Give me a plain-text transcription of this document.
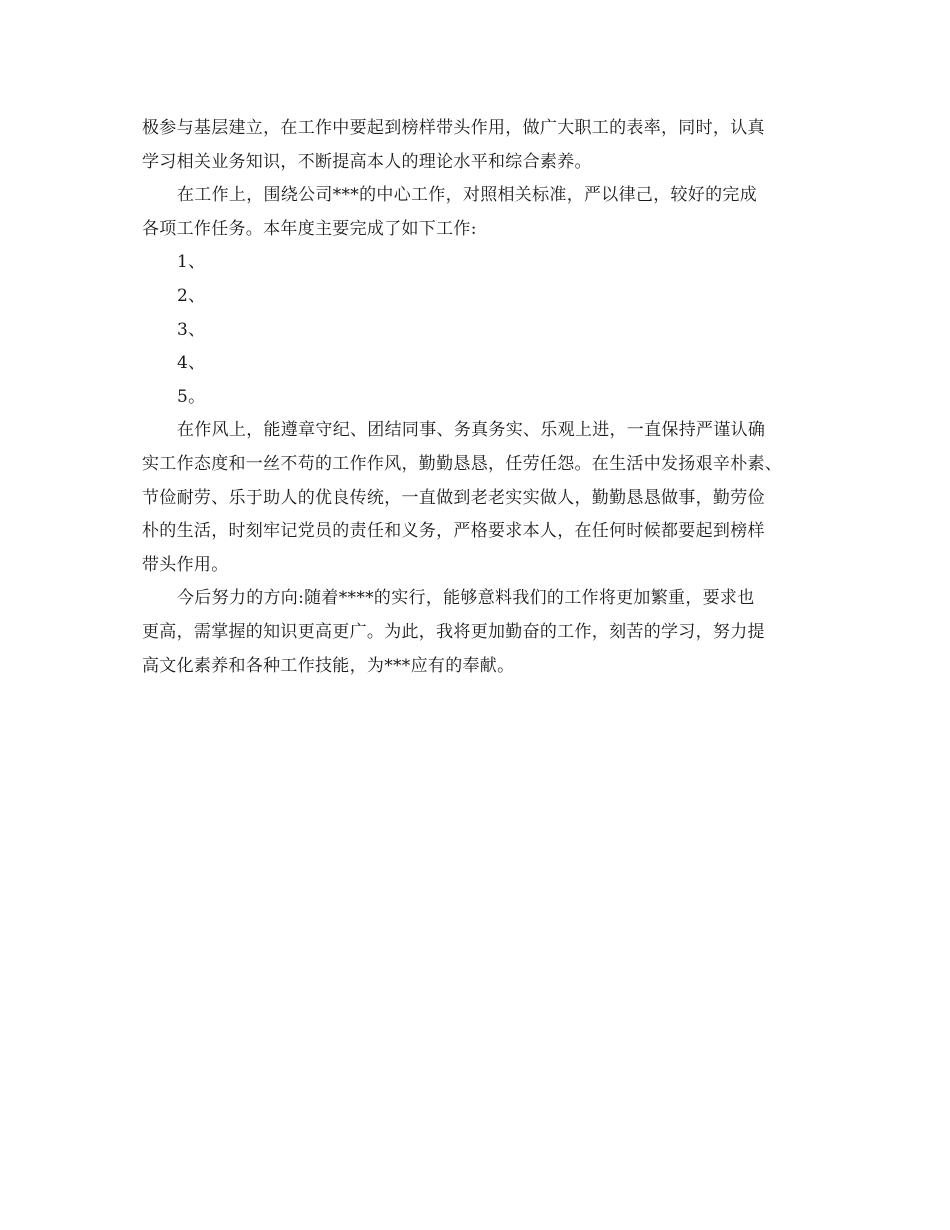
极参与基层建立，在工作中要起到榜样带头作用，做广大职工的表率，同时，认真
学习相关业务知识，不断提高本人的理论水平和综合素养。
在工作上，围绕公司***的中心工作，对照相关标准，严以律己，较好的完成
各项工作任务。本年度主要完成了如下工作:
1、
2、
3、
4、
5。
在作风上，能遵章守纪、团结同事、务真务实、乐观上进，一直保持严谨认确
实工作态度和一丝不苟的工作作风，勤勤恳恳，任劳任怨。在生活中发扬艰辛朴素、
节俭耐劳、乐于助人的优良传统，一直做到老老实实做人，勤勤恳恳做事，勤劳俭
朴的生活，时刻牢记党员的责任和义务，严格要求本人，在任何时候都要起到榜样
带头作用。
今后努力的方向:随着****的实行，能够意料我们的工作将更加繁重，要求也
更高，需掌握的知识更高更广。为此，我将更加勤奋的工作，刻苦的学习，努力提
高文化素养和各种工作技能，为***应有的奉献。
